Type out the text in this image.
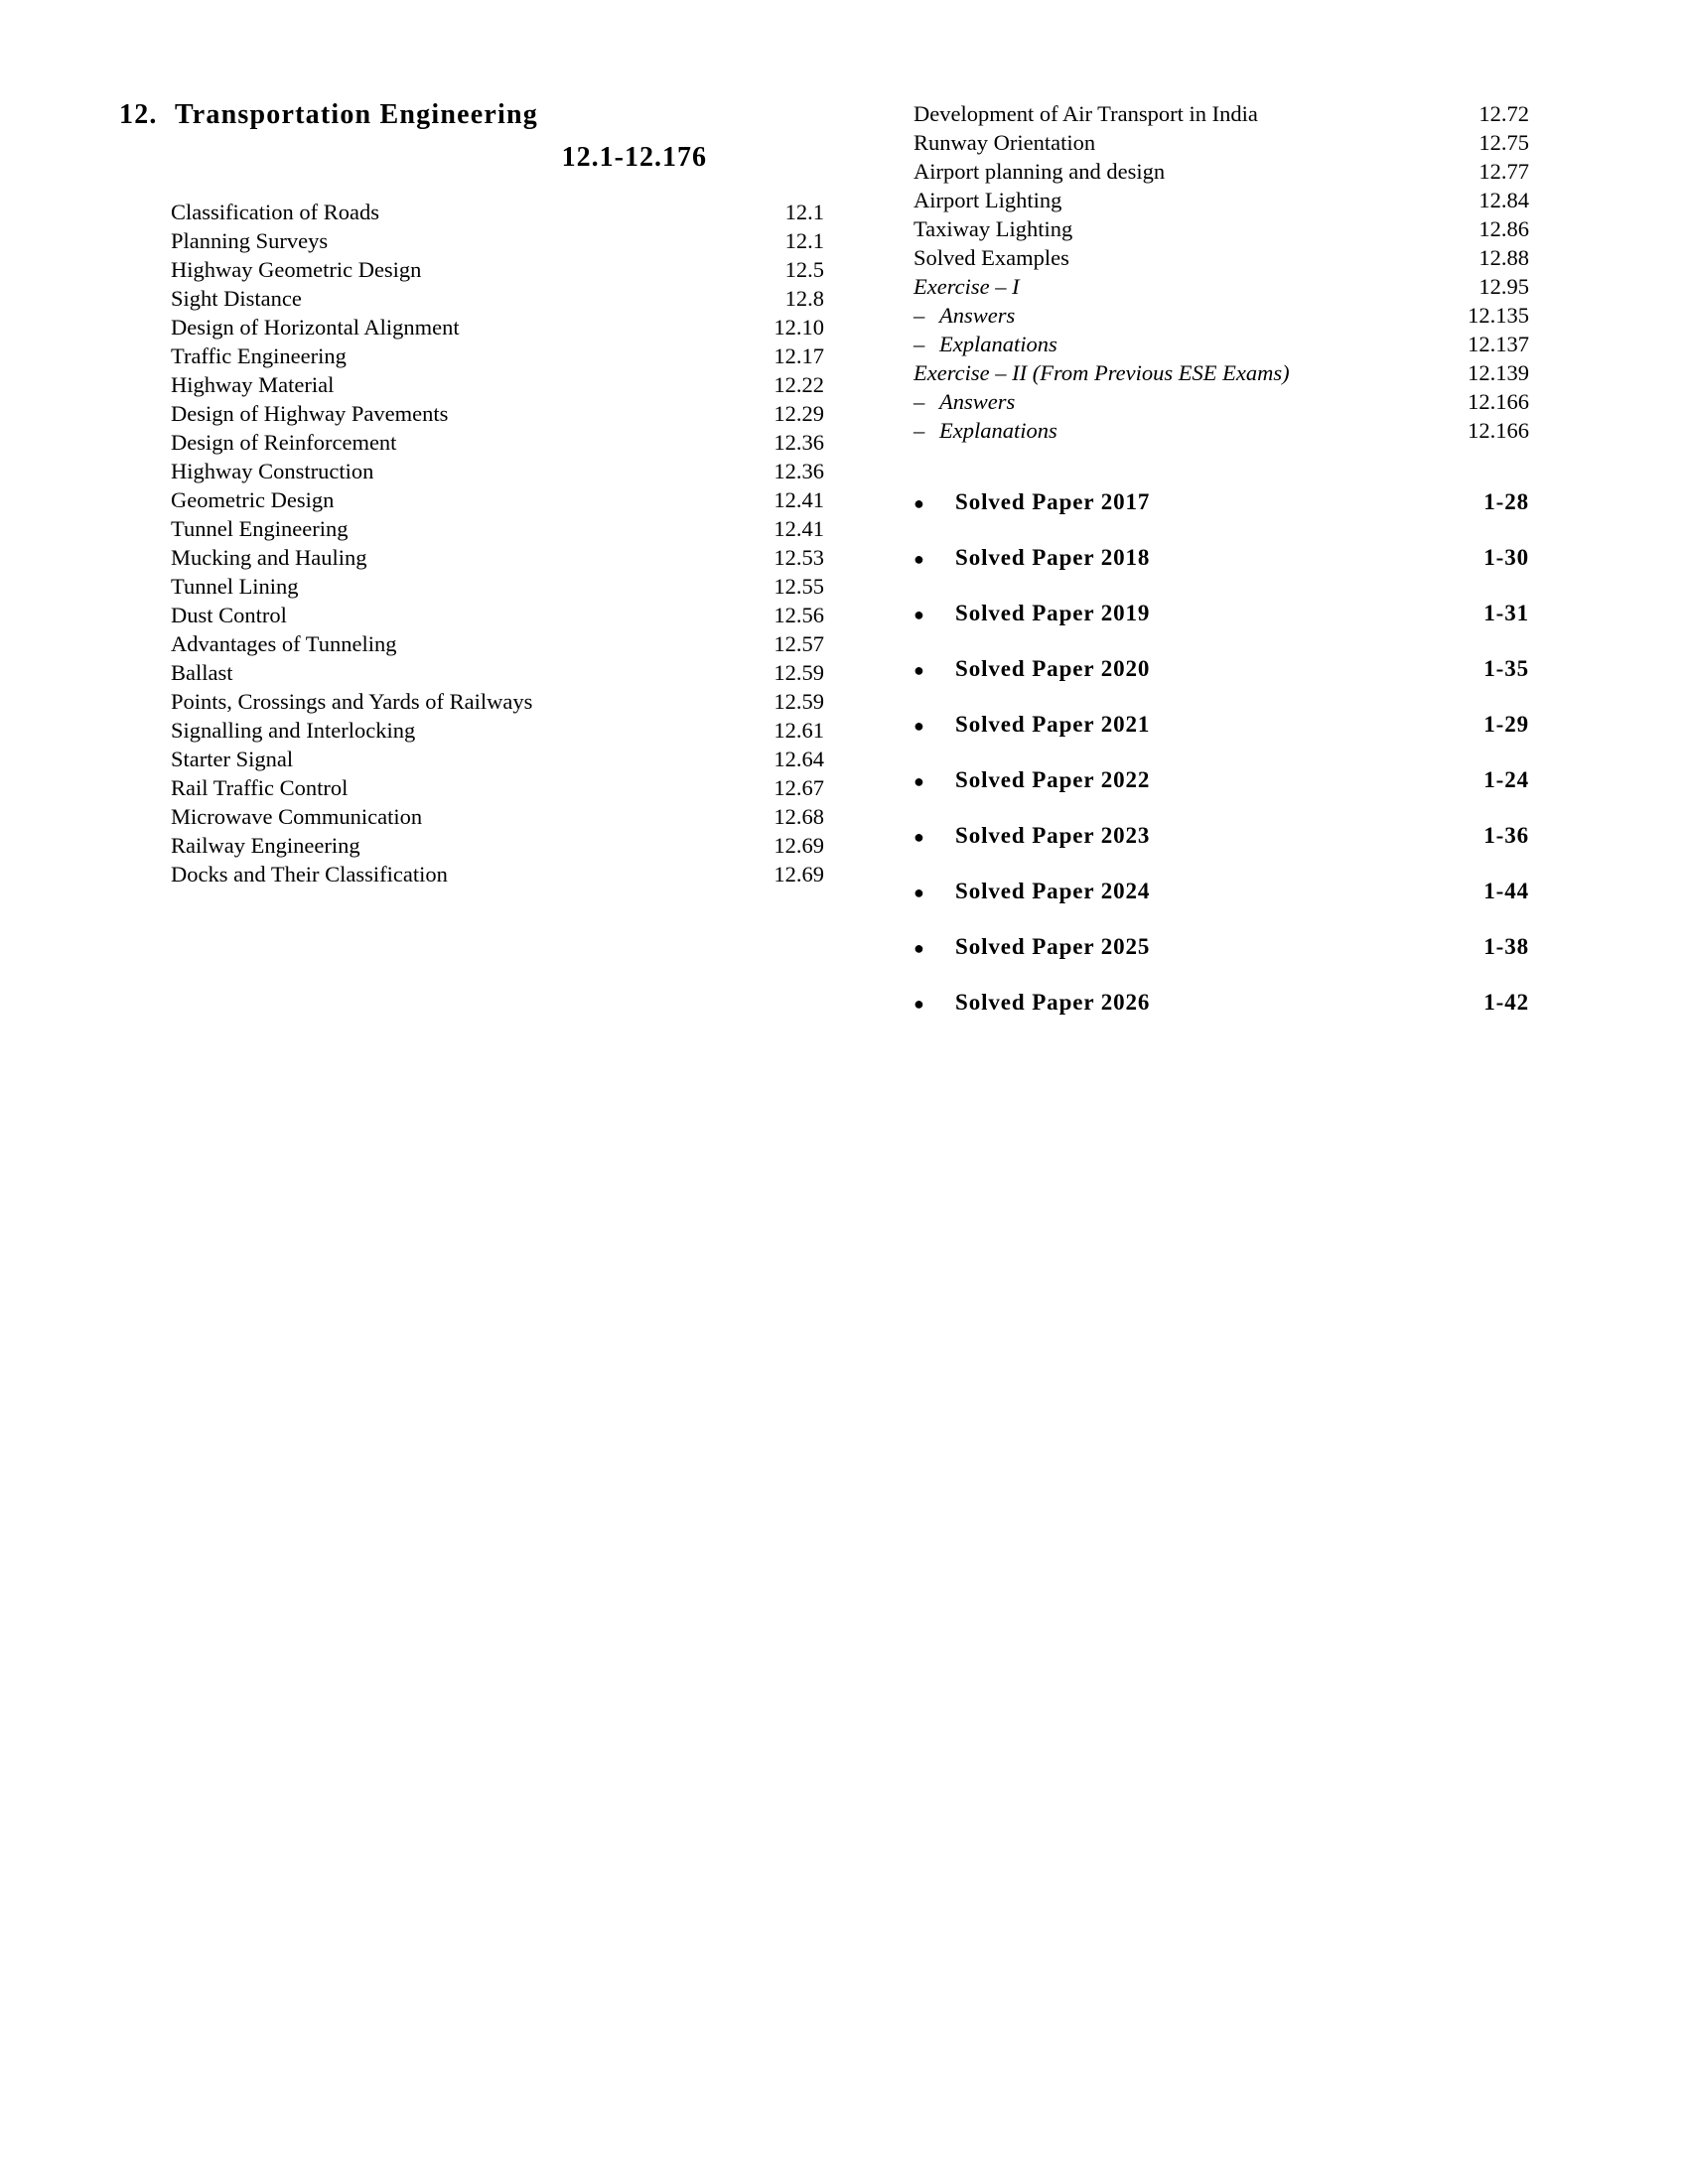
12. Transportation Engineering
12.1-12.176
Classification of Roads	12.1
Planning Surveys	12.1
Highway Geometric Design	12.5
Sight Distance	12.8
Design of Horizontal Alignment	12.10
Traffic Engineering	12.17
Highway Material	12.22
Design of Highway Pavements	12.29
Design of Reinforcement	12.36
Highway Construction	12.36
Geometric Design	12.41
Tunnel Engineering	12.41
Mucking and Hauling	12.53
Tunnel Lining	12.55
Dust Control	12.56
Advantages of Tunneling	12.57
Ballast	12.59
Points, Crossings and Yards of Railways	12.59
Signalling and Interlocking	12.61
Starter Signal	12.64
Rail Traffic Control	12.67
Microwave Communication	12.68
Railway Engineering	12.69
Docks and Their Classification	12.69
Development of Air Transport in India	12.72
Runway Orientation	12.75
Airport planning and design	12.77
Airport Lighting	12.84
Taxiway Lighting	12.86
Solved Examples	12.88
Exercise – I	12.95
– Answers	12.135
– Explanations	12.137
Exercise – II (From Previous ESE Exams)	12.139
– Answers	12.166
– Explanations	12.166
●	Solved Paper 2017	1-28
●	Solved Paper 2018	1-30
●	Solved Paper 2019	1-31
●	Solved Paper 2020	1-35
●	Solved Paper 2021	1-29
●	Solved Paper 2022	1-24
●	Solved Paper 2023	1-36
●	Solved Paper 2024	1-44
●	Solved Paper 2025	1-38
●	Solved Paper 2026	1-42
